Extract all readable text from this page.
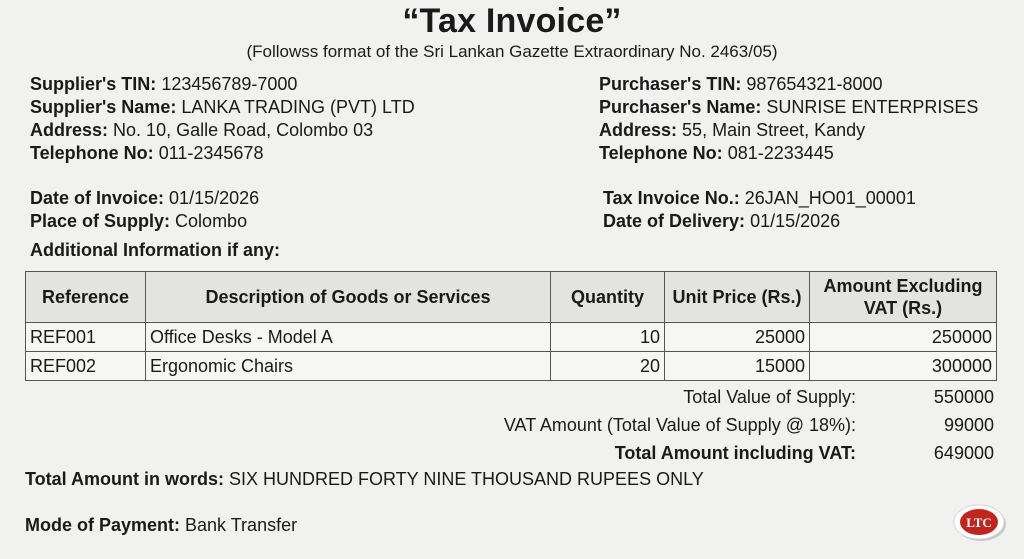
“Tax Invoice”
(Followss format of the Sri Lankan Gazette Extraordinary No. 2463/05)
Supplier's TIN: 123456789-7000
Supplier's Name: LANKA TRADING (PVT) LTD
Address: No. 10, Galle Road, Colombo 03
Telephone No: 011-2345678
Purchaser's TIN: 987654321-8000
Purchaser's Name: SUNRISE ENTERPRISES
Address: 55, Main Street, Kandy
Telephone No: 081-2233445
Date of Invoice: 01/15/2026
Place of Supply: Colombo
Tax Invoice No.: 26JAN_HO01_00001
Date of Delivery: 01/15/2026
Additional Information if any:
Reference	Description of Goods or Services	Quantity	Unit Price (Rs.)	Amount Excluding VAT (Rs.)
REF001	Office Desks - Model A	10	25000	250000
REF002	Ergonomic Chairs	20	15000	300000
Total Value of Supply:	550000
VAT Amount (Total Value of Supply @ 18%):	99000
Total Amount including VAT:	649000
Total Amount in words: SIX HUNDRED FORTY NINE THOUSAND RUPEES ONLY
Mode of Payment: Bank Transfer	LTC
